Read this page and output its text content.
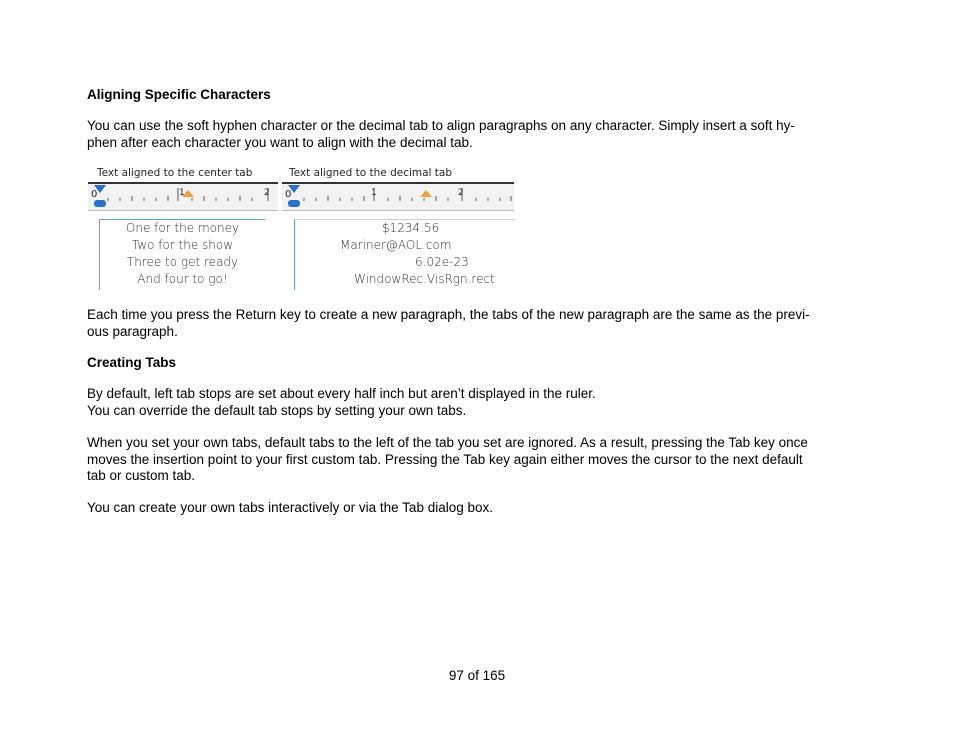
Aligning Specific Characters

You can use the soft hyphen character or the decimal tab to align paragraphs on any character. Simply insert a soft hy-
phen after each character you want to align with the decimal tab.

Text aligned to the center tab
0	1	2
One for the money
Two for the show
Three to get ready
And four to go!
Text aligned to the decimal tab
0	1	2
$1234.56
Mariner@AOL.com
6.02e-23
WindowRec.VisRgn.rect

Each time you press the Return key to create a new paragraph, the tabs of the new paragraph are the same as the previ-
ous paragraph.

Creating Tabs

By default, left tab stops are set about every half inch but aren’t displayed in the ruler.
You can override the default tab stops by setting your own tabs.

When you set your own tabs, default tabs to the left of the tab you set are ignored. As a result, pressing the Tab key once
moves the insertion point to your first custom tab. Pressing the Tab key again either moves the cursor to the next default
tab or custom tab.

You can create your own tabs interactively or via the Tab dialog box.

97 of 165
